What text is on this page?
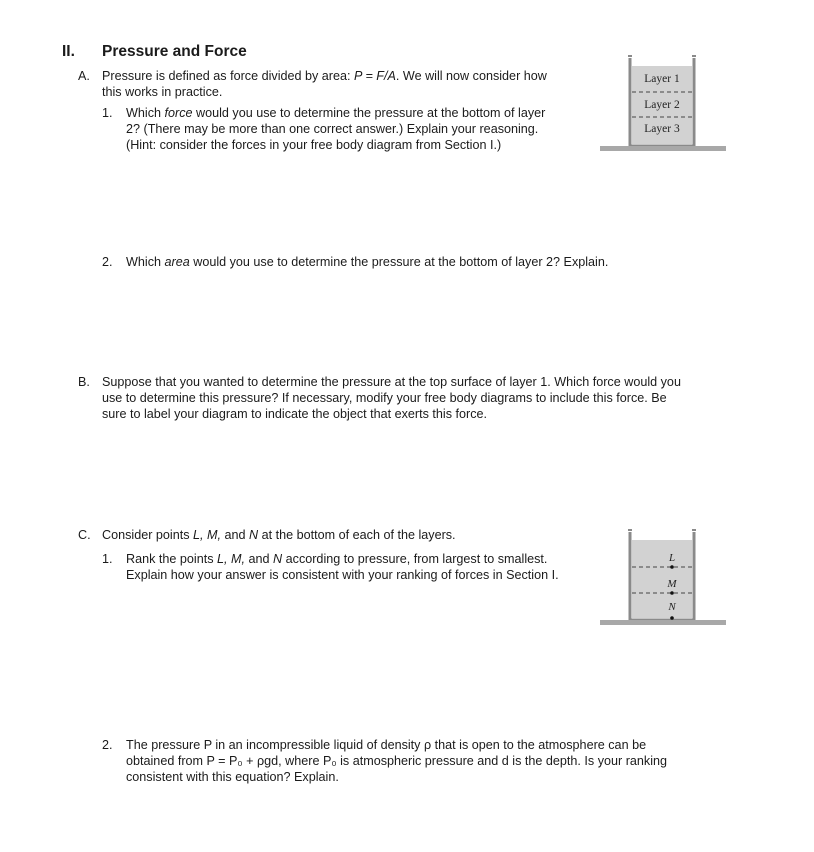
II. Pressure and Force
A. Pressure is defined as force divided by area: P = F/A. We will now consider how
this works in practice.
1. Which force would you use to determine the pressure at the bottom of layer
2? (There may be more than one correct answer.) Explain your reasoning.
(Hint: consider the forces in your free body diagram from Section I.)
2. Which area would you use to determine the pressure at the bottom of layer 2? Explain.
B. Suppose that you wanted to determine the pressure at the top surface of layer 1. Which force would you
use to determine this pressure? If necessary, modify your free body diagrams to include this force. Be
sure to label your diagram to indicate the object that exerts this force.
C. Consider points L, M, and N at the bottom of each of the layers.
1. Rank the points L, M, and N according to pressure, from largest to smallest.
Explain how your answer is consistent with your ranking of forces in Section I.
2. The pressure P in an incompressible liquid of density ρ that is open to the atmosphere can be
obtained from P = P₀ + ρgd, where P₀ is atmospheric pressure and d is the depth. Is your ranking
consistent with this equation? Explain.
Layer 1
Layer 2
Layer 3
L
M
N
